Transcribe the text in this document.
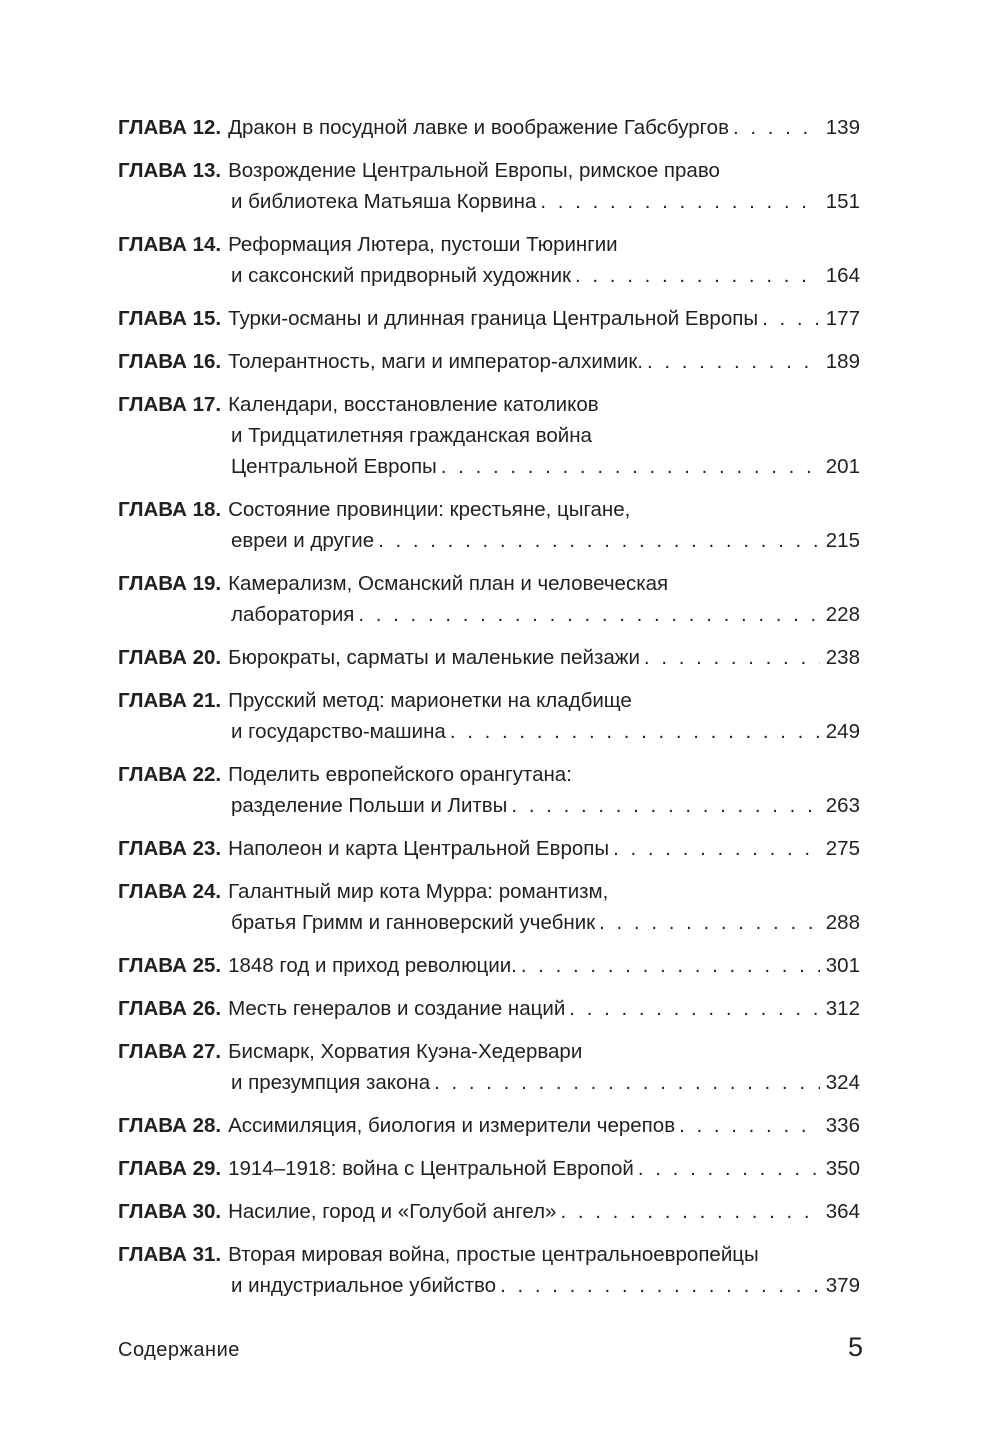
ГЛАВА 12. Дракон в посудной лавке и воображение Габсбургов . . .	139
ГЛАВА 13. Возрождение Центральной Европы, римское право
и библиотека Матьяша Корвина . . .	151
ГЛАВА 14. Реформация Лютера, пустоши Тюрингии
и саксонский придворный художник . . .	164
ГЛАВА 15. Турки-османы и длинная граница Центральной Европы . . .	177
ГЛАВА 16. Толерантность, маги и император-алхимик. . . .	189
ГЛАВА 17. Календари, восстановление католиков
и Тридцатилетняя гражданская война
Центральной Европы . . .	201
ГЛАВА 18. Состояние провинции: крестьяне, цыгане,
евреи и другие . . .	215
ГЛАВА 19. Камерализм, Османский план и человеческая
лаборатория . . .	228
ГЛАВА 20. Бюрократы, сарматы и маленькие пейзажи . . .	238
ГЛАВА 21. Прусский метод: марионетки на кладбище
и государство-машина . . .	249
ГЛАВА 22. Поделить европейского орангутана:
разделение Польши и Литвы . . .	263
ГЛАВА 23. Наполеон и карта Центральной Европы . . .	275
ГЛАВА 24. Галантный мир кота Мурра: романтизм,
братья Гримм и ганноверский учебник . . .	288
ГЛАВА 25. 1848 год и приход революции. . . .	301
ГЛАВА 26. Месть генералов и создание наций . . .	312
ГЛАВА 27. Бисмарк, Хорватия Куэна-Хедервари
и презумпция закона . . .	324
ГЛАВА 28. Ассимиляция, биология и измерители черепов . . .	336
ГЛАВА 29. 1914–1918: война с Центральной Европой . . .	350
ГЛАВА 30. Насилие, город и «Голубой ангел» . . .	364
ГЛАВА 31. Вторая мировая война, простые центральноевропейцы
и индустриальное убийство . . .	379
Содержание	5
